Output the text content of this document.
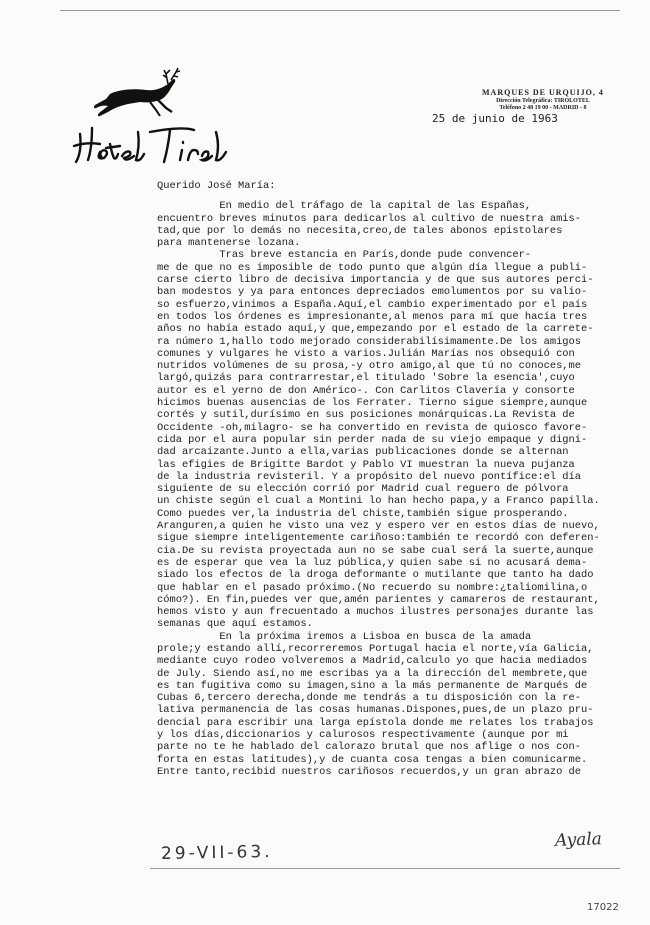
MARQUES DE URQUIJO, 4
Dirección Telegráfica: TIROLOTEL
Teléfono 2 48 19 00 - MADRID - 8
25 de junio de 1963
Querido José María:
En medio del tráfago de la capital de las Españas,
encuentro breves minutos para dedicarlos al cultivo de nuestra amis-
tad,que por lo demás no necesita,creo,de tales abonos epistolares
para mantenerse lozana.
Tras breve estancia en París,donde pude convencer-
me de que no es imposible de todo punto que algún día llegue a publi-
carse cierto libro de decisiva importancia y de que sus autores perci-
ban modestos y ya para entonces depreciados emolumentos por su valio-
so esfuerzo,vinimos a España.Aquí,el cambio experimentado por el país
en todos los órdenes es impresionante,al menos para mí que hacía tres
años no había estado aquí,y que,empezando por el estado de la carrete-
ra número 1,hallo todo mejorado considerabilísimamente.De los amigos
comunes y vulgares he visto a varios.Julián Marías nos obsequió con
nutridos volúmenes de su prosa,-y otro amigo,al que tú no conoces,me
largó,quizás para contrarrestar,el titulado 'Sobre la esencia',cuyo
autor es el yerno de don Américo-. Con Carlitos Clavería y consorte
hicimos buenas ausencias de los Ferrater. Tierno sigue siempre,aunque
cortés y sutil,durísimo en sus posiciones monárquicas.La Revista de
Occidente -oh,milagro- se ha convertido en revista de quiosco favore-
cida por el aura popular sin perder nada de su viejo empaque y digni-
dad arcaizante.Junto a ella,varias publicaciones donde se alternan
las efigies de Brigitte Bardot y Pablo VI muestran la nueva pujanza
de la industria revisteril. Y a propósito del nuevo pontífice:el día
siguiente de su elección corrió por Madrid cual reguero de pólvora
un chiste según el cual a Montini lo han hecho papa,y a Franco papilla.
Como puedes ver,la industria del chiste,también sigue prosperando.
Aranguren,a quien he visto una vez y espero ver en estos días de nuevo,
sigue siempre inteligentemente cariñoso:también te recordó con deferen-
cia.De su revista proyectada aun no se sabe cual será la suerte,aunque
es de esperar que vea la luz pública,y quien sabe si no acusará dema-
siado los efectos de la droga deformante o mutilante que tanto ha dado
que hablar en el pasado próximo.(No recuerdo su nombre:¿taliomilina,o
cómo?). En fin,puedes ver que,amén parientes y camareros de restaurant,
hemos visto y aun frecuentado a muchos ilustres personajes durante las
semanas que aquí estamos.
En la próxima iremos a Lisboa en busca de la amada
prole;y estando allí,recorreremos Portugal hacia el norte,vía Galicia,
mediante cuyo rodeo volveremos a Madrid,calculo yo que hacia mediados
de July. Siendo así,no me escribas ya a la dirección del membrete,que
es tan fugitiva como su imagen,sino a la más permanente de Marqués de
Cubas 6,tercero derecha,donde me tendrás a tu disposición con la re-
lativa permanencia de las cosas humanas.Dispones,pues,de un plazo pru-
dencial para escribir una larga epístola donde me relates los trabajos
y los días,diccionarios y calurosos respectivamente (aunque por mi
parte no te he hablado del calorazo brutal que nos aflige o nos con-
forta en estas latitudes),y de cuanta cosa tengas a bien comunicarme.
Entre tanto,recibid nuestros cariñosos recuerdos,y un gran abrazo de
29-VII-63.
Ayala
17022
